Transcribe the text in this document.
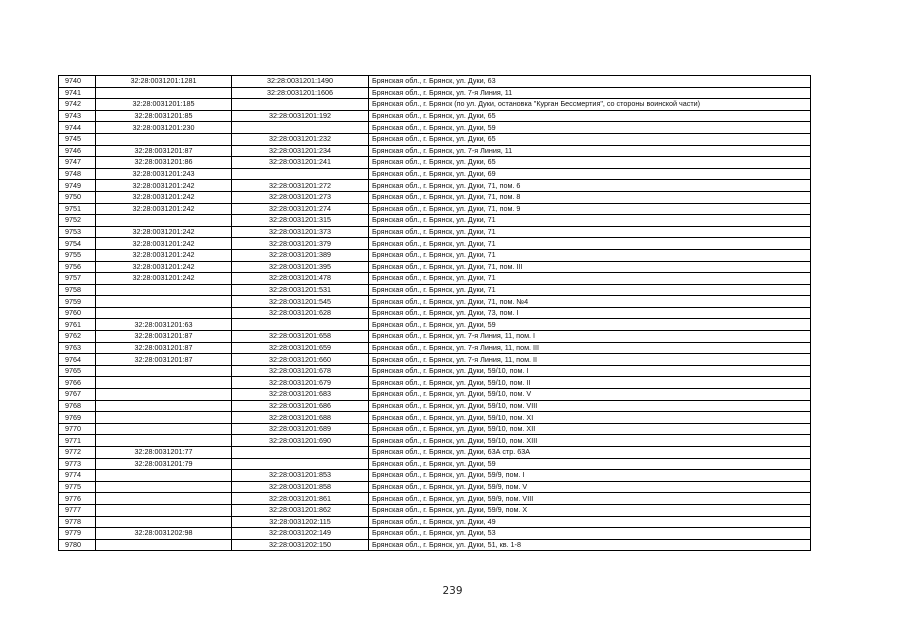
9740	32:28:0031201:1281	32:28:0031201:1490	Брянская обл., г. Брянск, ул. Дуки, 63
9741		32:28:0031201:1606	Брянская обл., г. Брянск, ул. 7-я Линия, 11
9742	32:28:0031201:185		Брянская обл., г. Брянск (по ул. Дуки, остановка "Курган Бессмертия", со стороны воинской части)
9743	32:28:0031201:85	32:28:0031201:192	Брянская обл., г. Брянск, ул. Дуки, 65
9744	32:28:0031201:230		Брянская обл., г. Брянск, ул. Дуки, 59
9745		32:28:0031201:232	Брянская обл., г. Брянск, ул. Дуки, 65
9746	32:28:0031201:87	32:28:0031201:234	Брянская обл., г. Брянск, ул. 7-я Линия, 11
9747	32:28:0031201:86	32:28:0031201:241	Брянская обл., г. Брянск, ул. Дуки, 65
9748	32:28:0031201:243		Брянская обл., г. Брянск, ул. Дуки, 69
9749	32:28:0031201:242	32:28:0031201:272	Брянская обл., г. Брянск, ул. Дуки, 71, пом. 6
9750	32:28:0031201:242	32:28:0031201:273	Брянская обл., г. Брянск, ул. Дуки, 71, пом. 8
9751	32:28:0031201:242	32:28:0031201:274	Брянская обл., г. Брянск, ул. Дуки, 71, пом. 9
9752		32:28:0031201:315	Брянская обл., г. Брянск, ул. Дуки, 71
9753	32:28:0031201:242	32:28:0031201:373	Брянская обл., г. Брянск, ул. Дуки, 71
9754	32:28:0031201:242	32:28:0031201:379	Брянская обл., г. Брянск, ул. Дуки, 71
9755	32:28:0031201:242	32:28:0031201:389	Брянская обл., г. Брянск, ул. Дуки, 71
9756	32:28:0031201:242	32:28:0031201:395	Брянская обл., г. Брянск, ул. Дуки, 71, пом. III
9757	32:28:0031201:242	32:28:0031201:478	Брянская обл., г. Брянск, ул. Дуки, 71
9758		32:28:0031201:531	Брянская обл., г. Брянск, ул. Дуки, 71
9759		32:28:0031201:545	Брянская обл., г. Брянск, ул. Дуки, 71, пом. №4
9760		32:28:0031201:628	Брянская обл., г. Брянск, ул. Дуки, 73, пом. I
9761	32:28:0031201:63		Брянская обл., г. Брянск, ул. Дуки, 59
9762	32:28:0031201:87	32:28:0031201:658	Брянская обл., г. Брянск, ул. 7-я Линия, 11, пом. I
9763	32:28:0031201:87	32:28:0031201:659	Брянская обл., г. Брянск, ул. 7-я Линия, 11, пом. III
9764	32:28:0031201:87	32:28:0031201:660	Брянская обл., г. Брянск, ул. 7-я Линия, 11, пом. II
9765		32:28:0031201:678	Брянская обл., г. Брянск, ул. Дуки, 59/10, пом. I
9766		32:28:0031201:679	Брянская обл., г. Брянск, ул. Дуки, 59/10, пом. II
9767		32:28:0031201:683	Брянская обл., г. Брянск, ул. Дуки, 59/10, пом. V
9768		32:28:0031201:686	Брянская обл., г. Брянск, ул. Дуки, 59/10, пом. VIII
9769		32:28:0031201:688	Брянская обл., г. Брянск, ул. Дуки, 59/10, пом. XI
9770		32:28:0031201:689	Брянская обл., г. Брянск, ул. Дуки, 59/10, пом. XII
9771		32:28:0031201:690	Брянская обл., г. Брянск, ул. Дуки, 59/10, пом. XIII
9772	32:28:0031201:77		Брянская обл., г. Брянск, ул. Дуки, 63А стр. 63А
9773	32:28:0031201:79		Брянская обл., г. Брянск, ул. Дуки, 59
9774		32:28:0031201:853	Брянская обл., г. Брянск, ул. Дуки, 59/9, пом. I
9775		32:28:0031201:858	Брянская обл., г. Брянск, ул. Дуки, 59/9, пом. V
9776		32:28:0031201:861	Брянская обл., г. Брянск, ул. Дуки, 59/9, пом. VIII
9777		32:28:0031201:862	Брянская обл., г. Брянск, ул. Дуки, 59/9, пом. X
9778		32:28:0031202:115	Брянская обл., г. Брянск, ул. Дуки, 49
9779	32:28:0031202:98	32:28:0031202:149	Брянская обл., г. Брянск, ул. Дуки, 53
9780		32:28:0031202:150	Брянская обл., г. Брянск, ул. Дуки, 51, кв. 1-8
239
